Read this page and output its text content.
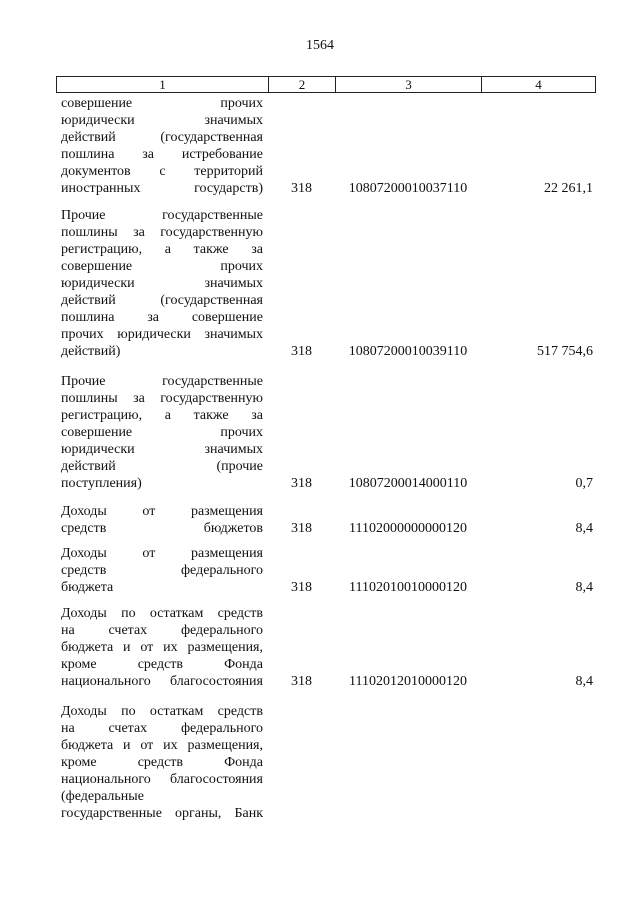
1564
1	2	3	4
совершение прочих
юридически значимых
действий (государственная
пошлина за истребование
документов с территорий
иностранных государств)	318	10807200010037110	22 261,1
Прочие государственные
пошлины за государственную
регистрацию, а также за
совершение прочих
юридически значимых
действий (государственная
пошлина за совершение
прочих юридически значимых
действий)	318	10807200010039110	517 754,6
Прочие государственные
пошлины за государственную
регистрацию, а также за
совершение прочих
юридически значимых
действий (прочие
поступления)	318	10807200014000110	0,7
Доходы от размещения
средств бюджетов	318	11102000000000120	8,4
Доходы от размещения
средств федерального
бюджета	318	11102010010000120	8,4
Доходы по остаткам средств
на счетах федерального
бюджета и от их размещения,
кроме средств Фонда
национального благосостояния	318	11102012010000120	8,4
Доходы по остаткам средств
на счетах федерального
бюджета и от их размещения,
кроме средств Фонда
национального благосостояния
(федеральные
государственные органы, Банк
